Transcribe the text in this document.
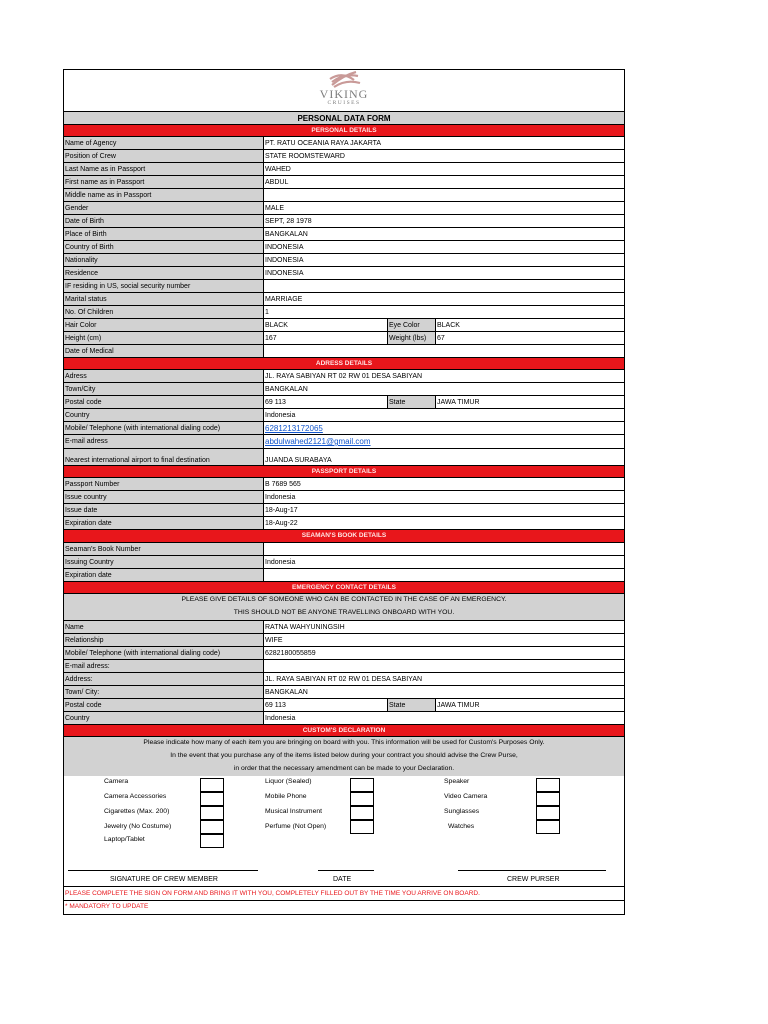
VIKING
CRUISES
PERSONAL DATA FORM
PERSONAL DETAILS
Name of Agency	PT. RATU OCEANIA RAYA JAKARTA
Position of Crew	STATE ROOMSTEWARD
Last Name as in Passport	WAHED
First name as in Passport	ABDUL
Middle name as in Passport
Gender	MALE
Date of Birth	SEPT, 28 1978
Place of Birth	BANGKALAN
Country of Birth	INDONESIA
Nationality	INDONESIA
Residence	INDONESIA
IF residing in US, social security number
Marital status	MARRIAGE
No. Of Children	1
Hair Color	BLACK	Eye Color	BLACK
Height (cm)	167	Weight (lbs)	67
Date of Medical
ADRESS DETAILS
Adress	JL. RAYA SABIYAN RT 02 RW 01 DESA SABIYAN
Town/City	BANGKALAN
Postal code	69 113	State	JAWA TIMUR
Country	Indonesia
Mobile/ Telephone (with international dialing code)	6281213172065
E-mail adress	abdulwahed2121@gmail.com
Nearest international airport to final destination	JUANDA SURABAYA
PASSPORT DETAILS
Passport Number	B 7689 565
Issue country	Indonesia
Issue date	18-Aug-17
Expiration date	18-Aug-22
SEAMAN'S BOOK DETAILS
Seaman's Book Number
Issuing Country	Indonesia
Expiration date
EMERGENCY CONTACT DETAILS
PLEASE GIVE DETAILS OF SOMEONE WHO CAN BE CONTACTED IN THE CASE OF AN EMERGENCY.
THIS SHOULD NOT BE ANYONE TRAVELLING ONBOARD WITH YOU.
Name	RATNA WAHYUNINGSIH
Relationship	WIFE
Mobile/ Telephone (with international dialing code)	6282180055859
E-mail adress:
Address:	JL. RAYA SABIYAN RT 02 RW 01 DESA SABIYAN
Town/ City:	BANGKALAN
Postal code	69 113	State	JAWA TIMUR
Country	Indonesia
CUSTOM'S DECLARATION
Please indicate how many of each item you are bringing on board with you. This information will be used for Custom's Purposes Only.
In the event that you purchase any of the items listed below during your contract you should advise the Crew Purse,
in order that the necessary amendment can be made to your Declaration.
Camera
Camera Accessories
Cigarettes (Max. 200)
Jewelry (No Costume)
Laptop/Tablet
Liquor (Sealed)
Mobile Phone
Musical Instrument
Perfume (Not Open)
Speaker
Video Camera
Sunglasses
Watches
SIGNATURE OF CREW MEMBER	DATE	CREW PURSER
PLEASE COMPLETE THE SIGN ON FORM AND BRING IT WITH YOU, COMPLETELY FILLED OUT BY THE TIME YOU ARRIVE ON BOARD.
* MANDATORY TO UPDATE
